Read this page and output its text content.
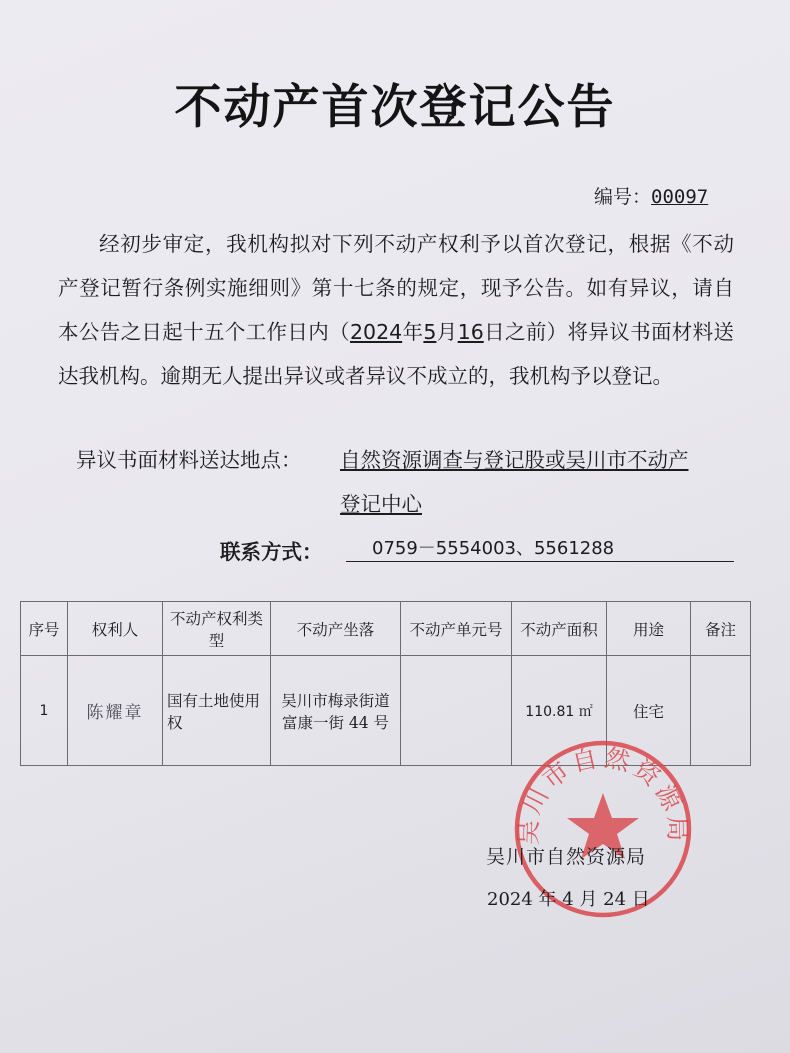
不动产首次登记公告
编号：00097
经初步审定，我机构拟对下列不动产权利予以首次登记，根据《不动产登记暂行条例实施细则》第十七条的规定，现予公告。如有异议，请自本公告之日起十五个工作日内（2024年5月16日之前）将异议书面材料送达我机构。逾期无人提出异议或者异议不成立的，我机构予以登记。
异议书面材料送达地点： 自然资源调查与登记股或吴川市不动产
登记中心
联系方式：	0759－5554003、5561288
序号	权利人	不动产权利类型	不动产坐落	不动产单元号	不动产面积	用途	备注
1	陈耀章	国有土地使用权	吴川市梅录街道富康一街 44 号		110.81 ㎡	住宅	
吴川市自然资源局
吴川市自然资源局
2024 年 4 月 24 日
